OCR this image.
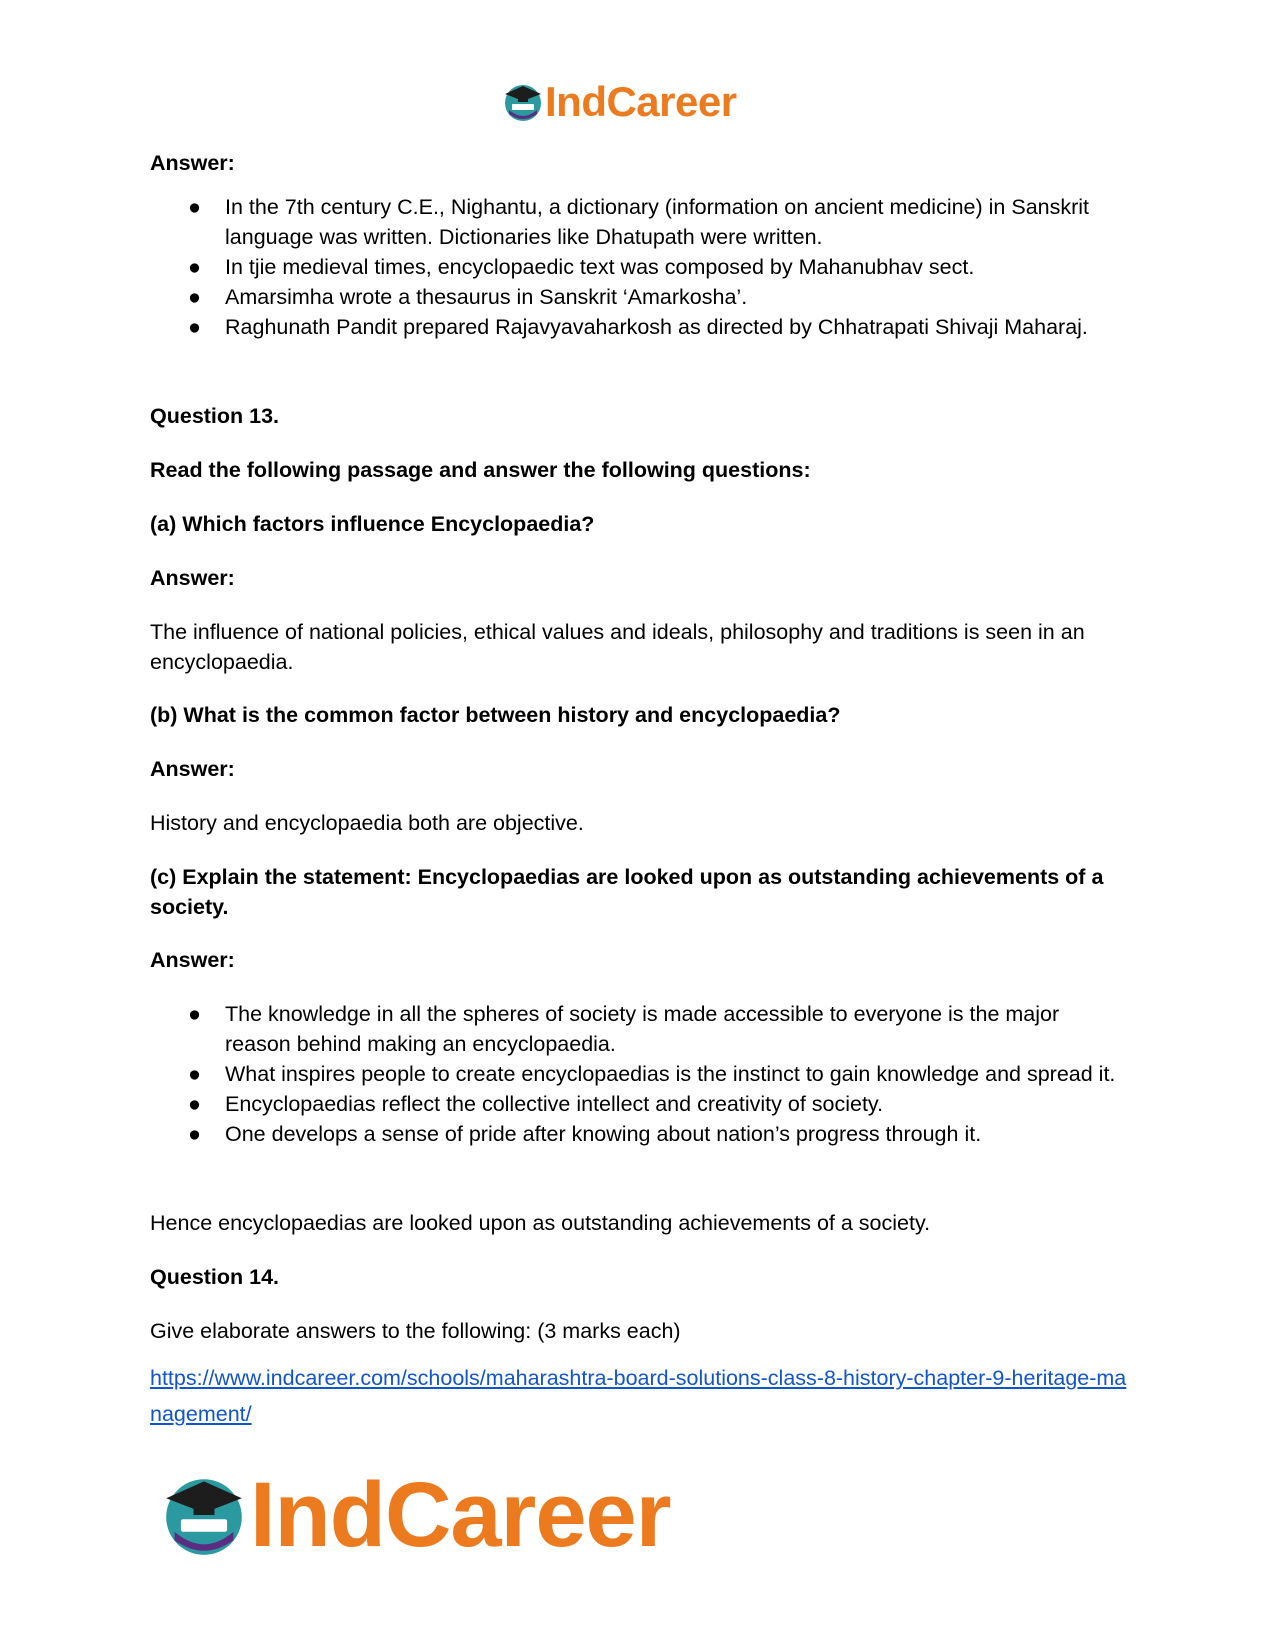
IndCareer
Answer:
● In the 7th century C.E., Nighantu, a dictionary (information on ancient medicine) in Sanskrit language was written. Dictionaries like Dhatupath were written.
● In tjie medieval times, encyclopaedic text was composed by Mahanubhav sect.
● Amarsimha wrote a thesaurus in Sanskrit ‘Amarkosha’.
● Raghunath Pandit prepared Rajavyavaharkosh as directed by Chhatrapati Shivaji Maharaj.
Question 13.
Read the following passage and answer the following questions:
(a) Which factors influence Encyclopaedia?
Answer:
The influence of national policies, ethical values and ideals, philosophy and traditions is seen in an encyclopaedia.
(b) What is the common factor between history and encyclopaedia?
Answer:
History and encyclopaedia both are objective.
(c) Explain the statement: Encyclopaedias are looked upon as outstanding achievements of a society.
Answer:
● The knowledge in all the spheres of society is made accessible to everyone is the major reason behind making an encyclopaedia.
● What inspires people to create encyclopaedias is the instinct to gain knowledge and spread it.
● Encyclopaedias reflect the collective intellect and creativity of society.
● One develops a sense of pride after knowing about nation’s progress through it.
Hence encyclopaedias are looked upon as outstanding achievements of a society.
Question 14.
Give elaborate answers to the following: (3 marks each)
https://www.indcareer.com/schools/maharashtra-board-solutions-class-8-history-chapter-9-heritage-management/
IndCareer
